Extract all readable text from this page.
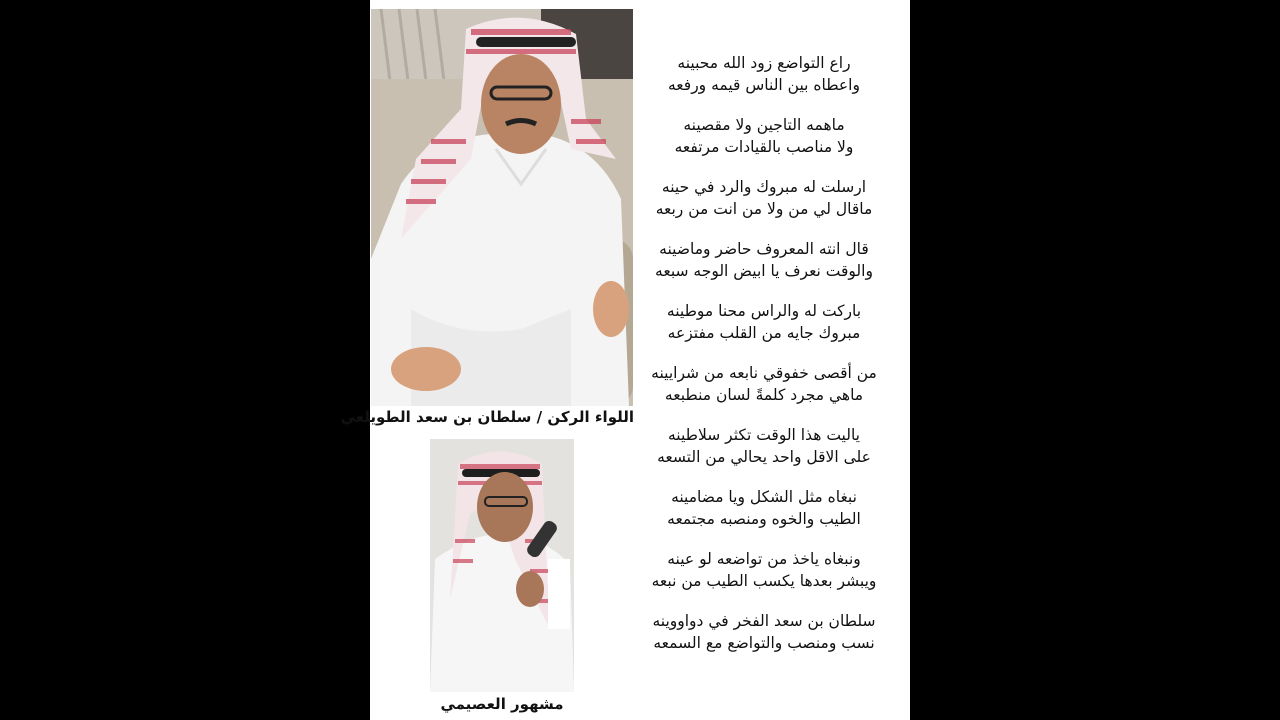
اللواء الركن / سلطان بن سعد الطويلعي
مشهور العصيمي
راع التواضع زود الله محبينه
واعطاه بين الناس قيمه ورفعه
ماهمه التاجين ولا مقصينه
ولا مناصب بالقيادات مرتفعه
ارسلت له مبروك والرد في حينه
ماقال لي من ولا من انت من ربعه
قال انته المعروف حاضر وماضينه
والوقت نعرف يا ابيض الوجه سبعه
باركت له والراس محنا موطينه
مبروك جايه من القلب مفتزعه
من أقصى خفوقي نابعه من شرايينه
ماهي مجرد كلمةً لسان منطبعه
ياليت هذا الوقت تكثر سلاطينه
على الاقل واحد يحالي من التسعه
نبغاه مثل الشكل ويا مضامينه
الطيب والخوه ومنصبه مجتمعه
ونبغاه ياخذ من تواضعه لو عينه
ويبشر بعدها يكسب الطيب من نبعه
سلطان بن سعد الفخر في دواووينه
نسب ومنصب والتواضع مع السمعه
